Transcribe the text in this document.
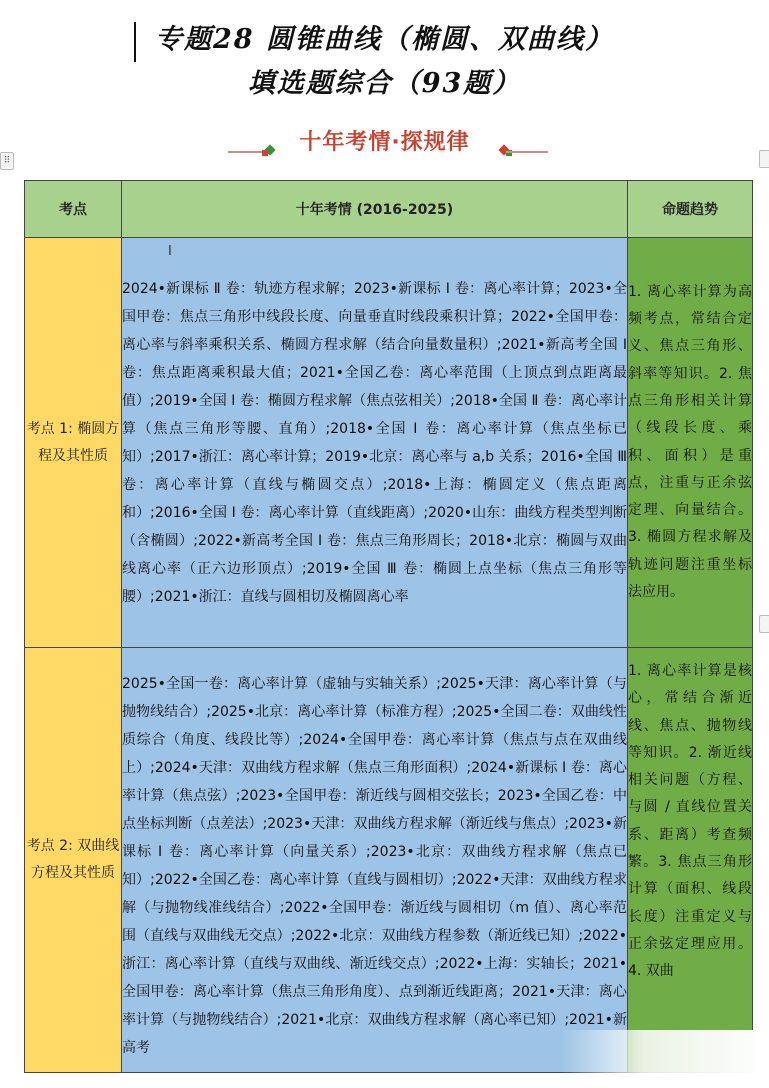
专题28 圆锥曲线（椭圆、双曲线）
填选题综合（93题）
十年考情·探规律
⠿
考点	十年考情 (2016-2025)	命题趋势
考点 1: 椭圆方程及其性质	2024•新课标 Ⅱ 卷：轨迹方程求解；2023•新课标 Ⅰ 卷：离心率计算；2023•全国甲卷：焦点三角形中线段长度、向量垂直时线段乘积计算；2022•全国甲卷：离心率与斜率乘积关系、椭圆方程求解（结合向量数量积）;2021•新高考全国 Ⅰ 卷：焦点距离乘积最大值；2021•全国乙卷：离心率范围（上顶点到点距离最值）;2019•全国 Ⅰ 卷：椭圆方程求解（焦点弦相关）;2018•全国 Ⅱ 卷：离心率计算（焦点三角形等腰、直角）;2018•全国 Ⅰ 卷：离心率计算（焦点坐标已知）;2017•浙江：离心率计算；2019•北京：离心率与 a,b 关系；2016•全国 Ⅲ 卷：离心率计算（直线与椭圆交点）;2018•上海：椭圆定义（焦点距离和）;2016•全国 Ⅰ 卷：离心率计算（直线距离）;2020•山东：曲线方程类型判断（含椭圆）;2022•新高考全国 Ⅰ 卷：焦点三角形周长；2018•北京：椭圆与双曲线离心率（正六边形顶点）;2019•全国 Ⅲ 卷：椭圆上点坐标（焦点三角形等腰）;2021•浙江：直线与圆相切及椭圆离心率	1. 离心率计算为高频考点，常结合定义、焦点三角形、斜率等知识。2. 焦点三角形相关计算（线段长度、乘积、面积）是重点，注重与正余弦定理、向量结合。3. 椭圆方程求解及轨迹问题注重坐标法应用。
考点 2: 双曲线方程及其性质	2025•全国一卷：离心率计算（虚轴与实轴关系）;2025•天津：离心率计算（与抛物线结合）;2025•北京：离心率计算（标准方程）;2025•全国二卷：双曲线性质综合（角度、线段比等）;2024•全国甲卷：离心率计算（焦点与点在双曲线上）;2024•天津：双曲线方程求解（焦点三角形面积）;2024•新课标 Ⅰ 卷：离心率计算（焦点弦）;2023•全国甲卷：渐近线与圆相交弦长；2023•全国乙卷：中点坐标判断（点差法）;2023•天津：双曲线方程求解（渐近线与焦点）;2023•新课标 Ⅰ 卷：离心率计算（向量关系）;2023•北京：双曲线方程求解（焦点已知）;2022•全国乙卷：离心率计算（直线与圆相切）;2022•天津：双曲线方程求解（与抛物线准线结合）;2022•全国甲卷：渐近线与圆相切（m 值）、离心率范围（直线与双曲线无交点）;2022•北京：双曲线方程参数（渐近线已知）;2022•浙江：离心率计算（直线与双曲线、渐近线交点）;2022•上海：实轴长；2021•全国甲卷：离心率计算（焦点三角形角度）、点到渐近线距离；2021•天津：离心率计算（与抛物线结合）;2021•北京：双曲线方程求解（离心率已知）;2021•新高考	1. 离心率计算是核心，常结合渐近线、焦点、抛物线等知识。2. 渐近线相关问题（方程、与圆 / 直线位置关系、距离）考查频繁。3. 焦点三角形计算（面积、线段长度）注重定义与正余弦定理应用。4. 双曲
I
